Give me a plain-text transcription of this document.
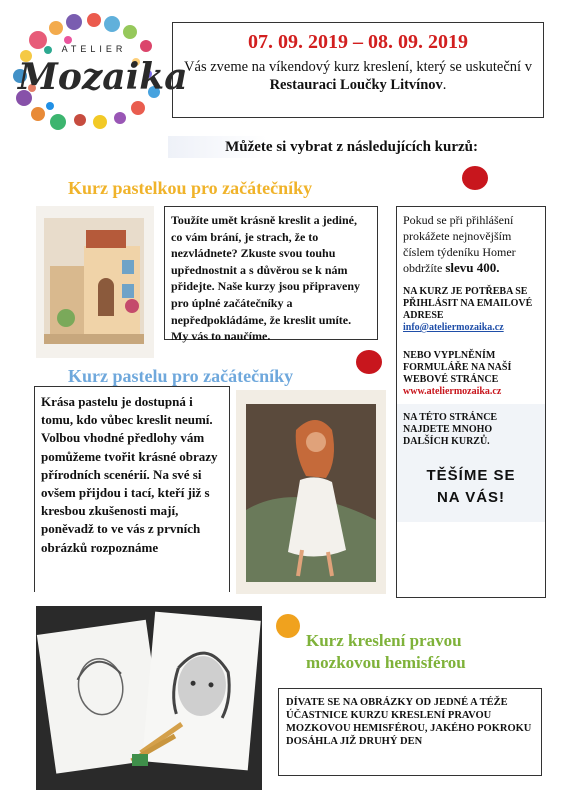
ATELIER
Mozaika
07. 09. 2019 – 08. 09. 2019
Vás zveme na víkendový kurz kreslení, který se uskuteční v Restauraci Loučky Litvínov.
Můžete si vybrat z následujících kurzů:
Kurz pastelkou pro začátečníky
Toužíte umět krásně kreslit a jediné, co vám brání, je strach, že to nezvládnete? Zkuste svou touhu upřednostnit a s důvěrou se k nám přidejte. Naše kurzy jsou připraveny pro úplné začátečníky a nepředpokládáme, že kreslit umíte. My vás to naučíme.
Pokud se při přihlášení prokážete nejnovějším číslem týdeníku Homer obdržíte slevu 400.
NA KURZ JE POTŘEBA SE PŘIHLÁSIT NA EMAILOVÉ ADRESE
info@ateliermozaika.cz
NEBO VYPLNĚNÍM FORMULÁŘE NA NAŠÍ WEBOVÉ STRÁNCE
www.ateliermozaika.cz
NA TÉTO STRÁNCE NAJDETE MNOHO DALŠÍCH KURZŮ.
TĚŠÍME SE
NA VÁS!
Kurz pastelu pro začátečníky
Krása pastelu je dostupná i tomu, kdo vůbec kreslit neumí. Volbou vhodné předlohy vám pomůžeme tvořit krásné obrazy přírodních scenérií. Na své si ovšem přijdou i tací, kteří již s kresbou zkušenosti mají, poněvadž to ve vás z prvních obrázků rozpoznáme
Kurz kreslení pravou
mozkovou hemisférou
DÍVATE SE NA OBRÁZKY OD JEDNÉ A TÉŽE ÚČASTNICE KURZU KRESLENÍ PRAVOU MOZKOVOU HEMISFÉROU, JAKÉHO POKROKU DOSÁHLA JIŽ DRUHÝ DEN
